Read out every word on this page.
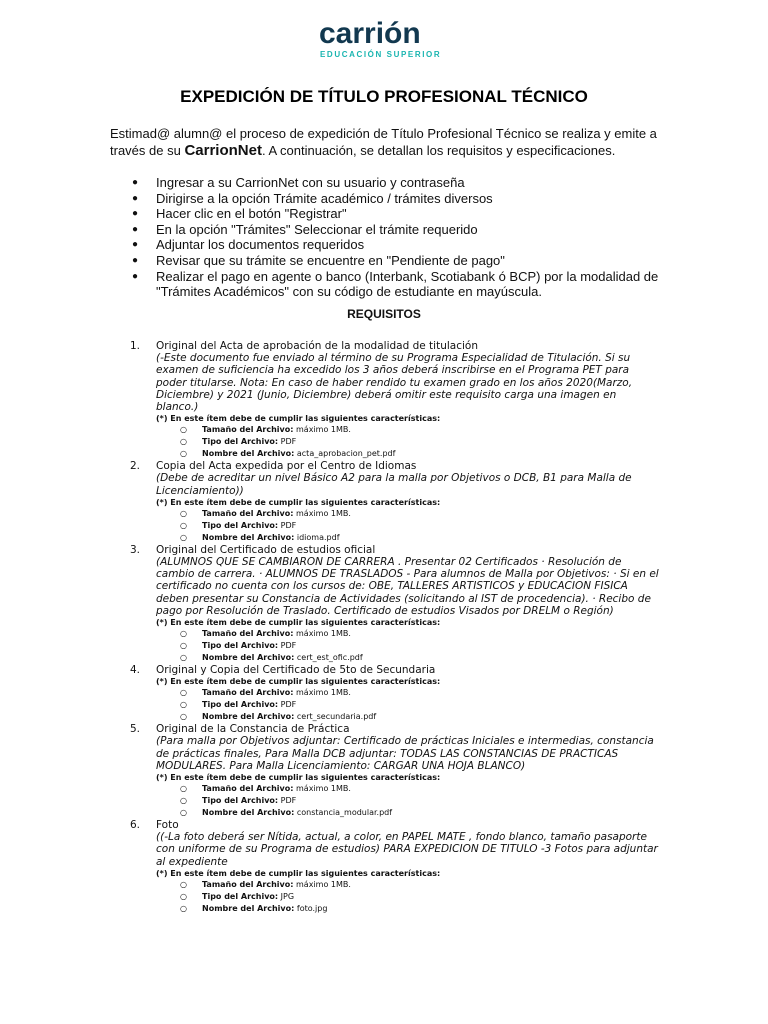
carrión
EDUCACIÓN SUPERIOR
EXPEDICIÓN DE TÍTULO PROFESIONAL TÉCNICO
Estimad@ alumn@ el proceso de expedición de Título Profesional Técnico se realiza y emite a través de su CarrionNet. A continuación, se detallan los requisitos y especificaciones.
● Ingresar a su CarrionNet con su usuario y contraseña
● Dirigirse a la opción Trámite académico / trámites diversos
● Hacer clic en el botón "Registrar"
● En la opción "Trámites" Seleccionar el trámite requerido
● Adjuntar los documentos requeridos
● Revisar que su trámite se encuentre en "Pendiente de pago"
● Realizar el pago en agente o banco (Interbank, Scotiabank ó BCP) por la modalidad de "Trámites Académicos" con su código de estudiante en mayúscula.
REQUISITOS
1. Original del Acta de aprobación de la modalidad de titulación
(-Este documento fue enviado al término de su Programa Especialidad de Titulación. Si su examen de suficiencia ha excedido los 3 años deberá inscribirse en el Programa PET para poder titularse. Nota: En caso de haber rendido tu examen grado en los años 2020(Marzo, Diciembre) y 2021 (Junio, Diciembre) deberá omitir este requisito carga una imagen en blanco.)
(*) En este ítem debe de cumplir las siguientes características:
○ Tamaño del Archivo: máximo 1MB.
○ Tipo del Archivo: PDF
○ Nombre del Archivo: acta_aprobacion_pet.pdf
2. Copia del Acta expedida por el Centro de Idiomas
(Debe de acreditar un nivel Básico A2 para la malla por Objetivos o DCB, B1 para Malla de Licenciamiento))
(*) En este ítem debe de cumplir las siguientes características:
○ Tamaño del Archivo: máximo 1MB.
○ Tipo del Archivo: PDF
○ Nombre del Archivo: idioma.pdf
3. Original del Certificado de estudios oficial
(ALUMNOS QUE SE CAMBIARON DE CARRERA . Presentar 02 Certificados · Resolución de cambio de carrera. · ALUMNOS DE TRASLADOS - Para alumnos de Malla por Objetivos: · Si en el certificado no cuenta con los cursos de: OBE, TALLERES ARTISTICOS y EDUCACION FISICA deben presentar su Constancia de Actividades (solicitando al IST de procedencia). · Recibo de pago por Resolución de Traslado. Certificado de estudios Visados por DRELM o Región)
(*) En este ítem debe de cumplir las siguientes características:
○ Tamaño del Archivo: máximo 1MB.
○ Tipo del Archivo: PDF
○ Nombre del Archivo: cert_est_ofic.pdf
4. Original y Copia del Certificado de 5to de Secundaria
(*) En este ítem debe de cumplir las siguientes características:
○ Tamaño del Archivo: máximo 1MB.
○ Tipo del Archivo: PDF
○ Nombre del Archivo: cert_secundaria.pdf
5. Original de la Constancia de Práctica
(Para malla por Objetivos adjuntar: Certificado de prácticas Iniciales e intermedias, constancia de prácticas finales, Para Malla DCB adjuntar: TODAS LAS CONSTANCIAS DE PRACTICAS MODULARES. Para Malla Licenciamiento: CARGAR UNA HOJA BLANCO)
(*) En este ítem debe de cumplir las siguientes características:
○ Tamaño del Archivo: máximo 1MB.
○ Tipo del Archivo: PDF
○ Nombre del Archivo: constancia_modular.pdf
6. Foto
((-La foto deberá ser Nítida, actual, a color, en PAPEL MATE , fondo blanco, tamaño pasaporte con uniforme de su Programa de estudios) PARA EXPEDICION DE TITULO -3 Fotos para adjuntar al expediente
(*) En este ítem debe de cumplir las siguientes características:
○ Tamaño del Archivo: máximo 1MB.
○ Tipo del Archivo: JPG
○ Nombre del Archivo: foto.jpg
